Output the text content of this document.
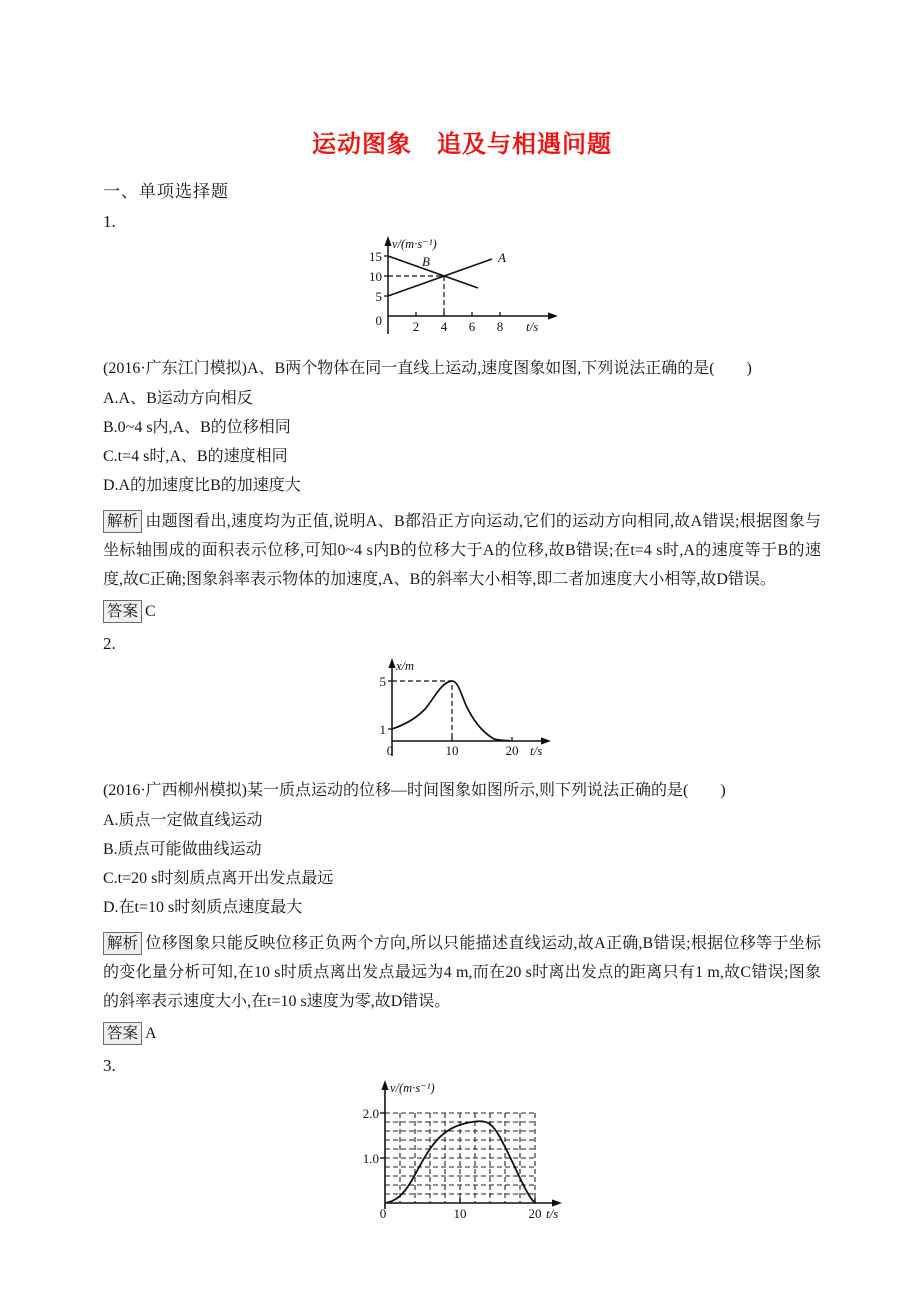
运动图象　追及与相遇问题
一、单项选择题
1.
v/(m·s⁻¹)
15
10
5
0 2 4 6 8 t/s
B	A
(2016·广东江门模拟)A、B两个物体在同一直线上运动,速度图象如图,下列说法正确的是(　　)
A.A、B运动方向相反
B.0~4 s内,A、B的位移相同
C.t=4 s时,A、B的速度相同
D.A的加速度比B的加速度大
解析 由题图看出,速度均为正值,说明A、B都沿正方向运动,它们的运动方向相同,故A错误;根据图象与坐标轴围成的面积表示位移,可知0~4 s内B的位移大于A的位移,故B错误;在t=4 s时,A的速度等于B的速度,故C正确;图象斜率表示物体的加速度,A、B的斜率大小相等,即二者加速度大小相等,故D错误。
答案 C
2.
x/m
5
1
0	10	20 t/s
(2016·广西柳州模拟)某一质点运动的位移—时间图象如图所示,则下列说法正确的是(　　)
A.质点一定做直线运动
B.质点可能做曲线运动
C.t=20 s时刻质点离开出发点最远
D.在t=10 s时刻质点速度最大
解析 位移图象只能反映位移正负两个方向,所以只能描述直线运动,故A正确,B错误;根据位移等于坐标的变化量分析可知,在10 s时质点离出发点最远为4 m,而在20 s时离出发点的距离只有1 m,故C错误;图象的斜率表示速度大小,在t=10 s速度为零,故D错误。
答案 A
3.
v/(m·s⁻¹)
2.0
1.0
0	10	20 t/s
